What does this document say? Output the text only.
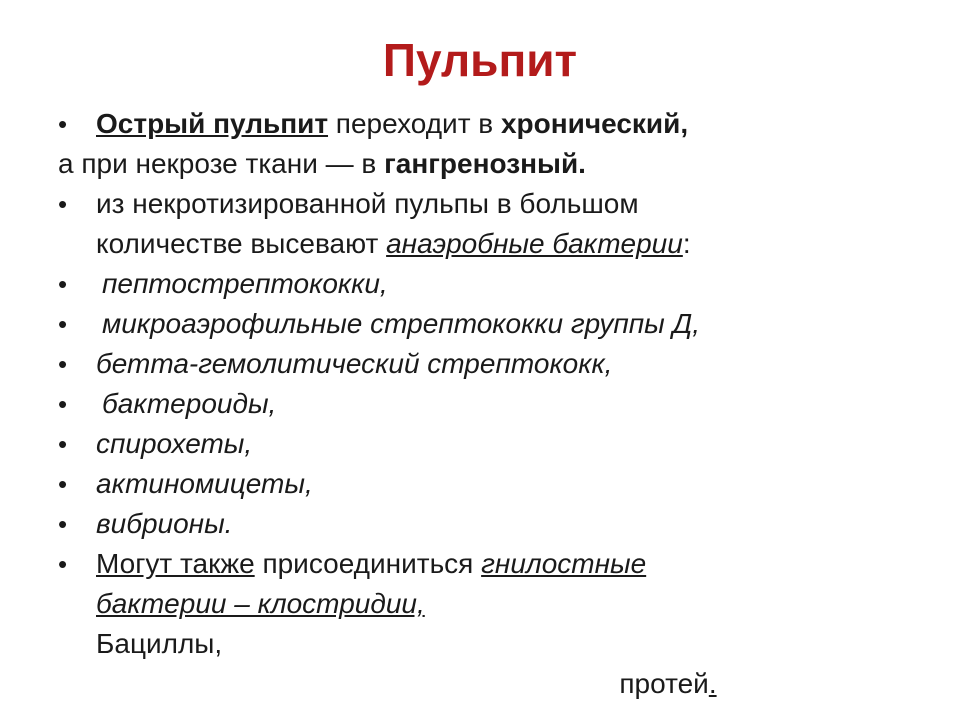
Пульпит
•
Острый пульпит переходит в хронический,
а при некрозе ткани — в гангренозный.
•
из некротизированной пульпы в большом
количестве высевают анаэробные бактерии:
•
пептострептококки,
•
микроаэрофильные стрептококки группы Д,
•
бетта-гемолитический стрептококк,
•
бактероиды,
•
спирохеты,
•
актиномицеты,
•
вибрионы.
•
Могут также присоединиться гнилостные
бактерии – клостридии,
Бациллы,
протей.
